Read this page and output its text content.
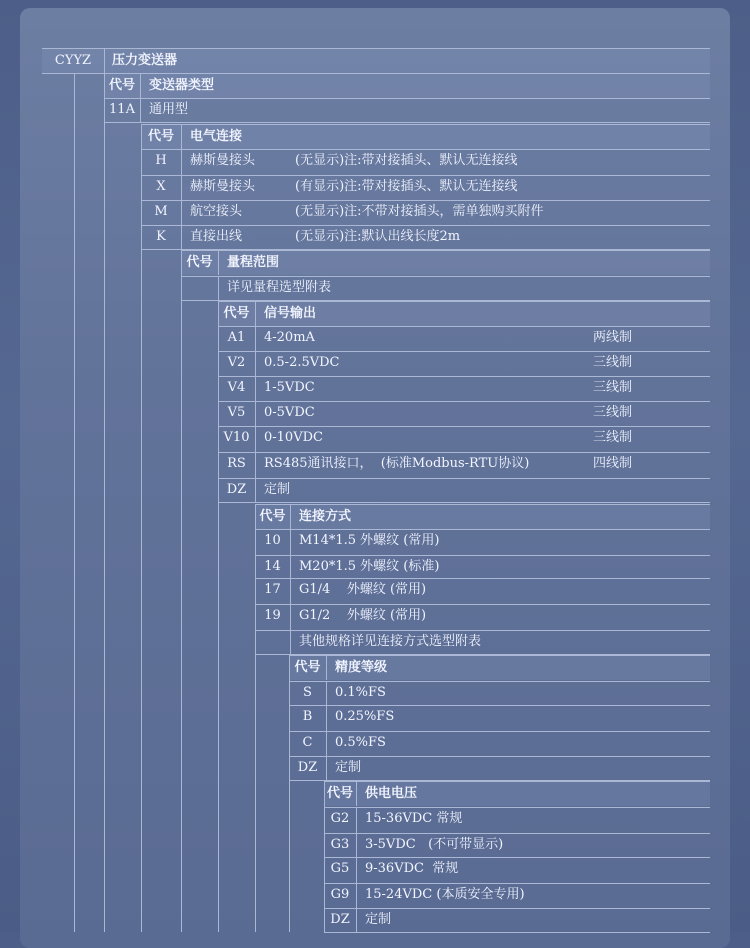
CYYZ	压力变送器
代号	变送器类型
11A	通用型
代号	电气连接
H	赫斯曼接头	(无显示)注:带对接插头、默认无连接线
X	赫斯曼接头	(有显示)注:带对接插头、默认无连接线
M	航空接头	(无显示)注:不带对接插头，需单独购买附件
K	直接出线	(无显示)注:默认出线长度2m
代号	量程范围
详见量程选型附表
代号	信号输出
A1	4-20mA	两线制
V2	0.5-2.5VDC	三线制
V4	1-5VDC	三线制
V5	0-5VDC	三线制
V10	0-10VDC	三线制
RS	RS485通讯接口，  (标准Modbus-RTU协议)	四线制
DZ	定制
代号	连接方式
10	M14*1.5 外螺纹 (常用)
14	M20*1.5 外螺纹 (标准)
17	G1/4    外螺纹 (常用)
19	G1/2    外螺纹 (常用)
其他规格详见连接方式选型附表
代号	精度等级
S	0.1%FS
B	0.25%FS
C	0.5%FS
DZ	定制
代号 供电电压
G2	15-36VDC 常规
G3	3-5VDC   (不可带显示)
G5	9-36VDC  常规
G9	15-24VDC (本质安全专用)
DZ	定制
